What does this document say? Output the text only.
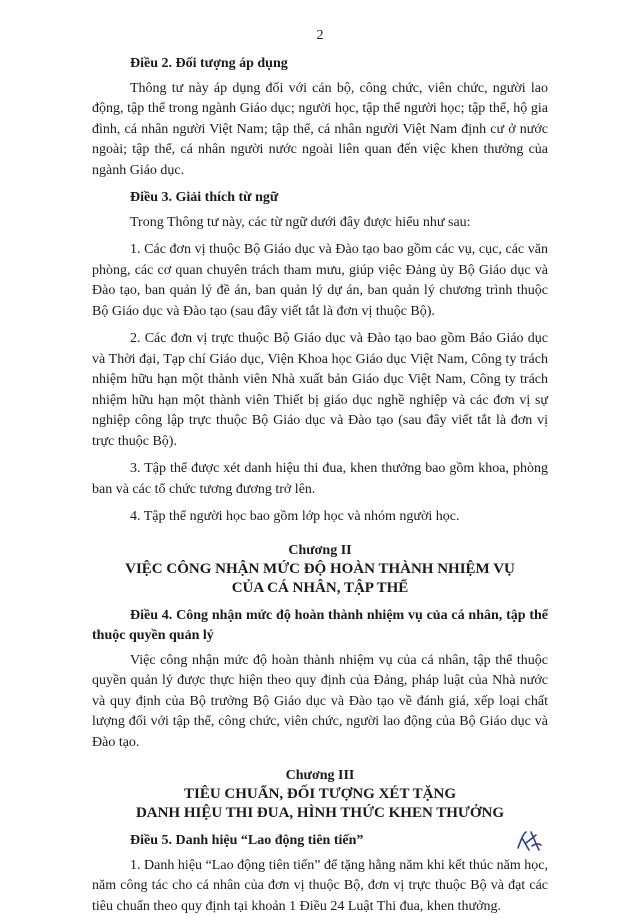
2
Điều 2. Đối tượng áp dụng

Thông tư này áp dụng đối với cán bộ, công chức, viên chức, người lao động, tập thể trong ngành Giáo dục; người học, tập thể người học; tập thể, hộ gia đình, cá nhân người Việt Nam; tập thể, cá nhân người Việt Nam định cư ở nước ngoài; tập thể, cá nhân người nước ngoài liên quan đến việc khen thưởng của ngành Giáo dục.

Điều 3. Giải thích từ ngữ

Trong Thông tư này, các từ ngữ dưới đây được hiểu như sau:

1. Các đơn vị thuộc Bộ Giáo dục và Đào tạo bao gồm các vụ, cục, các văn phòng, các cơ quan chuyên trách tham mưu, giúp việc Đảng ủy Bộ Giáo dục và Đào tạo, ban quản lý đề án, ban quản lý dự án, ban quản lý chương trình thuộc Bộ Giáo dục và Đào tạo (sau đây viết tắt là đơn vị thuộc Bộ).

2. Các đơn vị trực thuộc Bộ Giáo dục và Đào tạo bao gồm Báo Giáo dục và Thời đại, Tạp chí Giáo dục, Viện Khoa học Giáo dục Việt Nam, Công ty trách nhiệm hữu hạn một thành viên Nhà xuất bản Giáo dục Việt Nam, Công ty trách nhiệm hữu hạn một thành viên Thiết bị giáo dục nghề nghiệp và các đơn vị sự nghiệp công lập trực thuộc Bộ Giáo dục và Đào tạo (sau đây viết tắt là đơn vị trực thuộc Bộ).

3. Tập thể được xét danh hiệu thi đua, khen thưởng bao gồm khoa, phòng ban và các tổ chức tương đương trở lên.

4. Tập thể người học bao gồm lớp học và nhóm người học.

Chương II
VIỆC CÔNG NHẬN MỨC ĐỘ HOÀN THÀNH NHIỆM VỤ
CỦA CÁ NHÂN, TẬP THỂ
Điều 4. Công nhận mức độ hoàn thành nhiệm vụ của cá nhân, tập thể thuộc quyền quản lý

Việc công nhận mức độ hoàn thành nhiệm vụ của cá nhân, tập thể thuộc quyền quản lý được thực hiện theo quy định của Đảng, pháp luật của Nhà nước và quy định của Bộ trưởng Bộ Giáo dục và Đào tạo về đánh giá, xếp loại chất lượng đối với tập thể, công chức, viên chức, người lao động của Bộ Giáo dục và Đào tạo.

Chương III
TIÊU CHUẨN, ĐỐI TƯỢNG XÉT TẶNG
DANH HIỆU THI ĐUA, HÌNH THỨC KHEN THƯỞNG
Điều 5. Danh hiệu “Lao động tiên tiến”

1. Danh hiệu “Lao động tiên tiến” để tặng hằng năm khi kết thúc năm học, năm công tác cho cá nhân của đơn vị thuộc Bộ, đơn vị trực thuộc Bộ và đạt các tiêu chuẩn theo quy định tại khoản 1 Điều 24 Luật Thi đua, khen thưởng.
